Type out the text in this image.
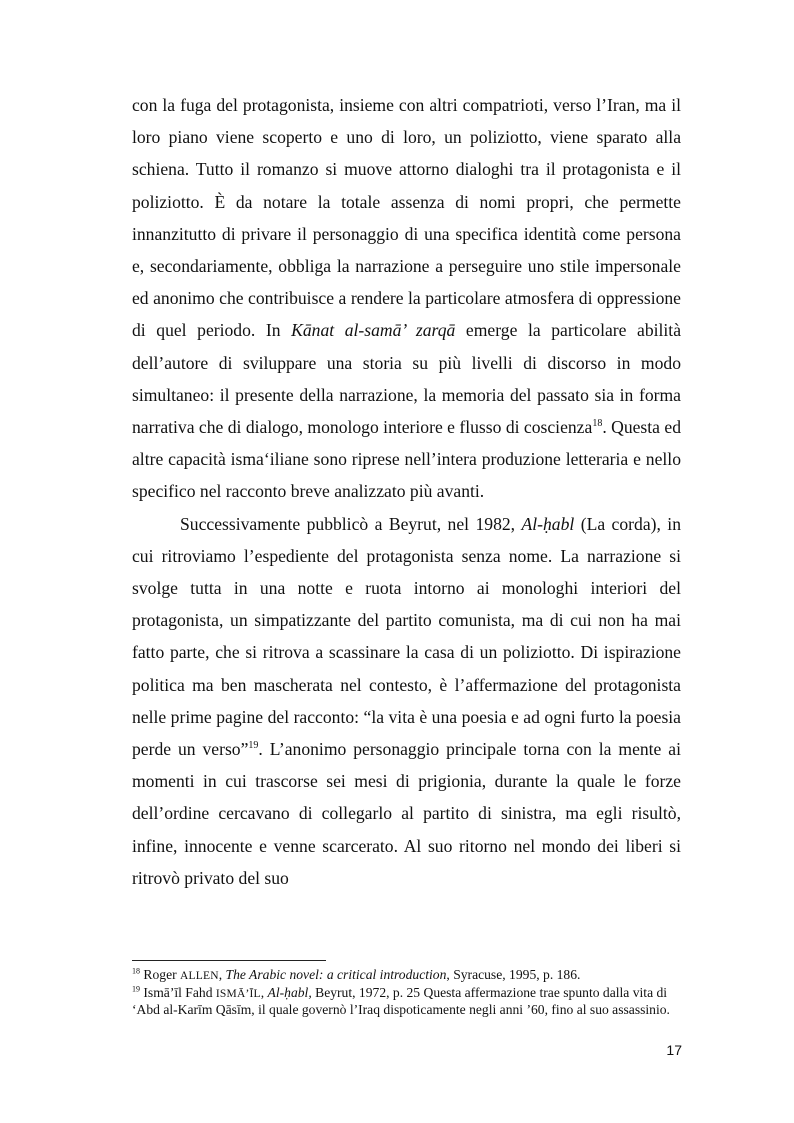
con la fuga del protagonista, insieme con altri compatrioti, verso l’Iran, ma il loro piano viene scoperto e uno di loro, un poliziotto, viene sparato alla schiena. Tutto il romanzo si muove attorno dialoghi tra il protagonista e il poliziotto. È da notare la totale assenza di nomi propri, che permette innanzitutto di privare il personaggio di una specifica identità come persona e, secondariamente, obbliga la narrazione a perseguire uno stile impersonale ed anonimo che contribuisce a rendere la particolare atmosfera di oppressione di quel periodo. In Kānat al-samā’ zarqā emerge la particolare abilità dell’autore di sviluppare una storia su più livelli di discorso in modo simultaneo: il presente della narrazione, la memoria del passato sia in forma narrativa che di dialogo, monologo interiore e flusso di coscienza$^{18}$. Questa ed altre capacità isma‘iliane sono riprese nell’intera produzione letteraria e nello specifico nel racconto breve analizzato più avanti.

Successivamente pubblicò a Beyrut, nel 1982, Al-ḥabl (La corda), in cui ritroviamo l’espediente del protagonista senza nome. La narrazione si svolge tutta in una notte e ruota intorno ai monologhi interiori del protagonista, un simpatizzante del partito comunista, ma di cui non ha mai fatto parte, che si ritrova a scassinare la casa di un poliziotto. Di ispirazione politica ma ben mascherata nel contesto, è l’affermazione del protagonista nelle prime pagine del racconto: “la vita è una poesia e ad ogni furto la poesia perde un verso”$^{19}$. L’anonimo personaggio principale torna con la mente ai momenti in cui trascorse sei mesi di prigionia, durante la quale le forze dell’ordine cercavano di collegarlo al partito di sinistra, ma egli risultò, infine, innocente e venne scarcerato. Al suo ritorno nel mondo dei liberi si ritrovò privato del suo

$^{18}$ Roger ALLEN, The Arabic novel: a critical introduction, Syracuse, 1995, p. 186.

$^{19}$ Ismā’īl Fahd ISMĀ’ĪL, Al-ḥabl, Beyrut, 1972, p. 25 Questa affermazione trae spunto dalla vita di ‘Abd al-Karīm Qāsīm, il quale governò l’Iraq dispoticamente negli anni ’60, fino al suo assassinio.

17
